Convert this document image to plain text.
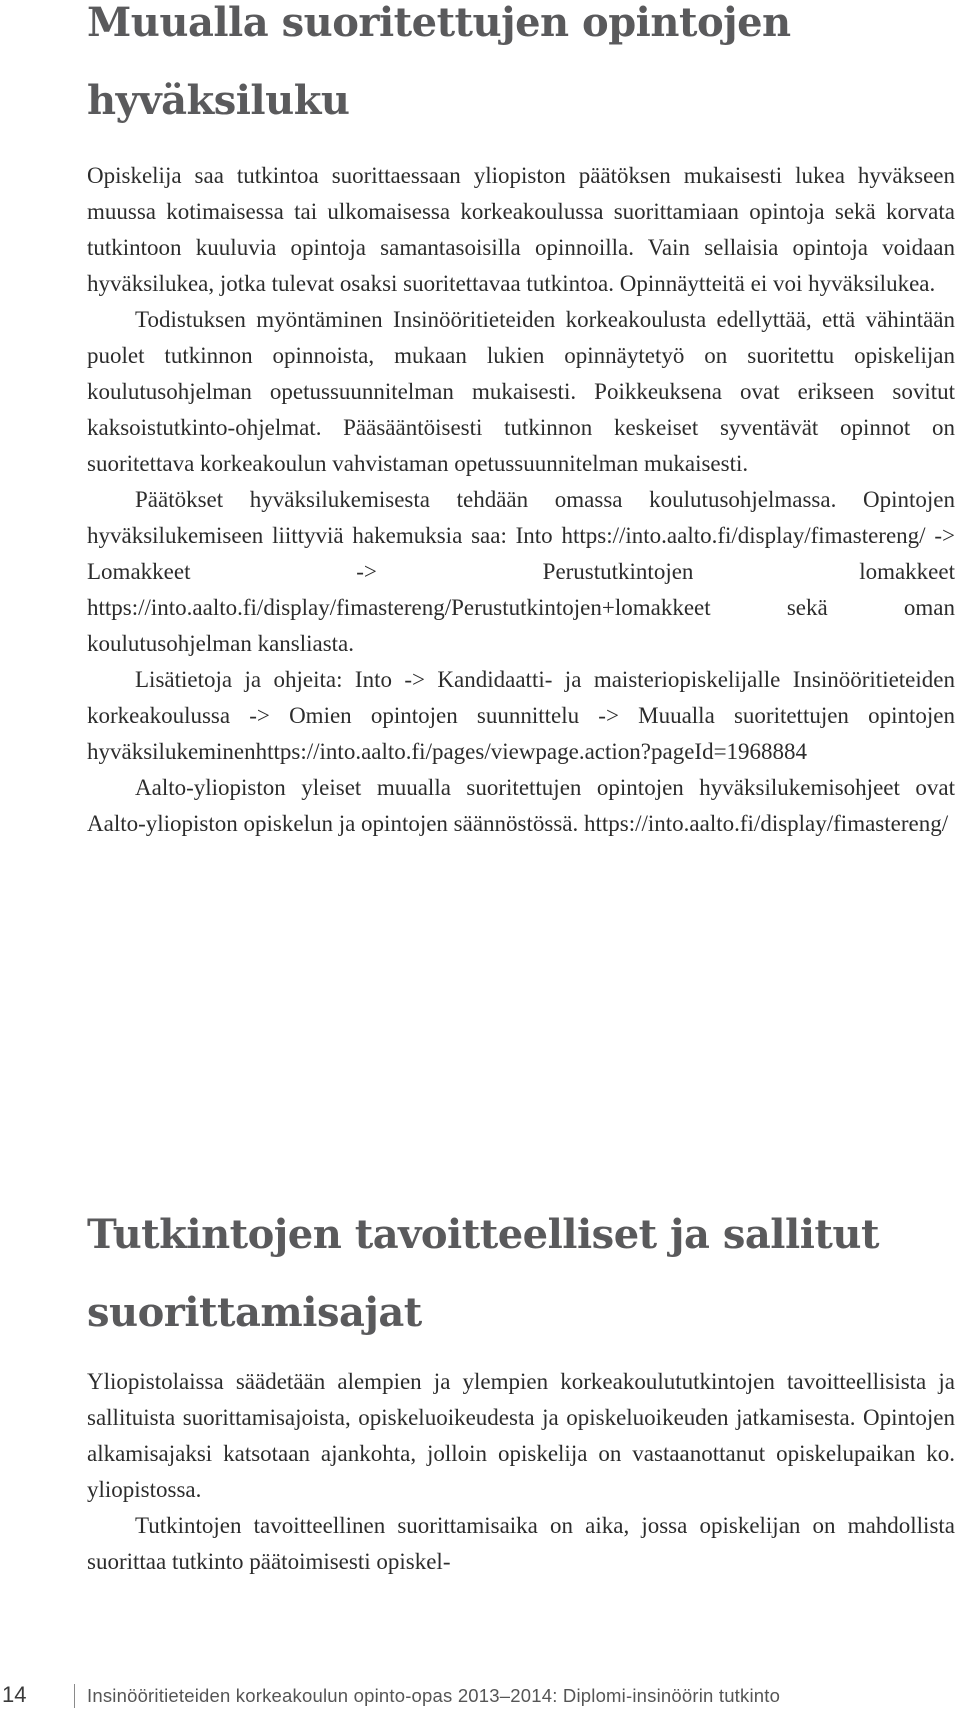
Muualla suoritettujen opintojen hyväksiluku

Opiskelija saa tutkintoa suorittaessaan yliopiston päätöksen mukaisesti lukea hyväkseen muussa kotimaisessa tai ulkomaisessa korkeakoulussa suorittamiaan opintoja sekä korvata tutkintoon kuuluvia opintoja samantasoisilla opinnoilla. Vain sellaisia opintoja voidaan hyväksilukea, jotka tulevat osaksi suoritettavaa tutkintoa. Opinnäytteitä ei voi hyväksilukea.

Todistuksen myöntäminen Insinööritieteiden korkeakoulusta edellyttää, että vähintään puolet tutkinnon opinnoista, mukaan lukien opinnäytetyö on suoritettu opiskelijan koulutusohjelman opetussuunnitelman mukaisesti. Poikkeuksena ovat erikseen sovitut kaksoistutkinto-ohjelmat. Pääsääntöisesti tutkinnon keskeiset syventävät opinnot on suoritettava korkeakoulun vahvistaman opetussuunnitelman mukaisesti.

Päätökset hyväksilukemisesta tehdään omassa koulutusohjelmassa. Opintojen hyväksilukemiseen liittyviä hakemuksia saa: Into https://into.aalto.fi/display/fimastereng/ -> Lomakkeet -> Perustutkintojen lomakkeet https://into.aalto.fi/display/fimastereng/Perustutkintojen+lomakkeet sekä oman koulutusohjelman kansliasta.

Lisätietoja ja ohjeita: Into -> Kandidaatti- ja maisteriopiskelijalle Insinööritieteiden korkeakoulussa -> Omien opintojen suunnittelu -> Muualla suoritettujen opintojen hyväksilukeminenhttps://into.aalto.fi/pages/viewpage.action?pageId=1968884

Aalto-yliopiston yleiset muualla suoritettujen opintojen hyväksilukemisohjeet ovat Aalto-yliopiston opiskelun ja opintojen säännöstössä. https://into.aalto.fi/display/fimastereng/

Tutkintojen tavoitteelliset ja sallitut suorittamisajat

Yliopistolaissa säädetään alempien ja ylempien korkeakoulututkintojen tavoitteellisista ja sallituista suorittamisajoista, opiskeluoikeudesta ja opiskeluoikeuden jatkamisesta. Opintojen alkamisajaksi katsotaan ajankohta, jolloin opiskelija on vastaanottanut opiskelupaikan ko. yliopistossa.

Tutkintojen tavoitteellinen suorittamisaika on aika, jossa opiskelijan on mahdollista suorittaa tutkinto päätoimisesti opiskel-

14	Insinööritieteiden korkeakoulun opinto-opas 2013–2014: Diplomi-insinöörin tutkinto
